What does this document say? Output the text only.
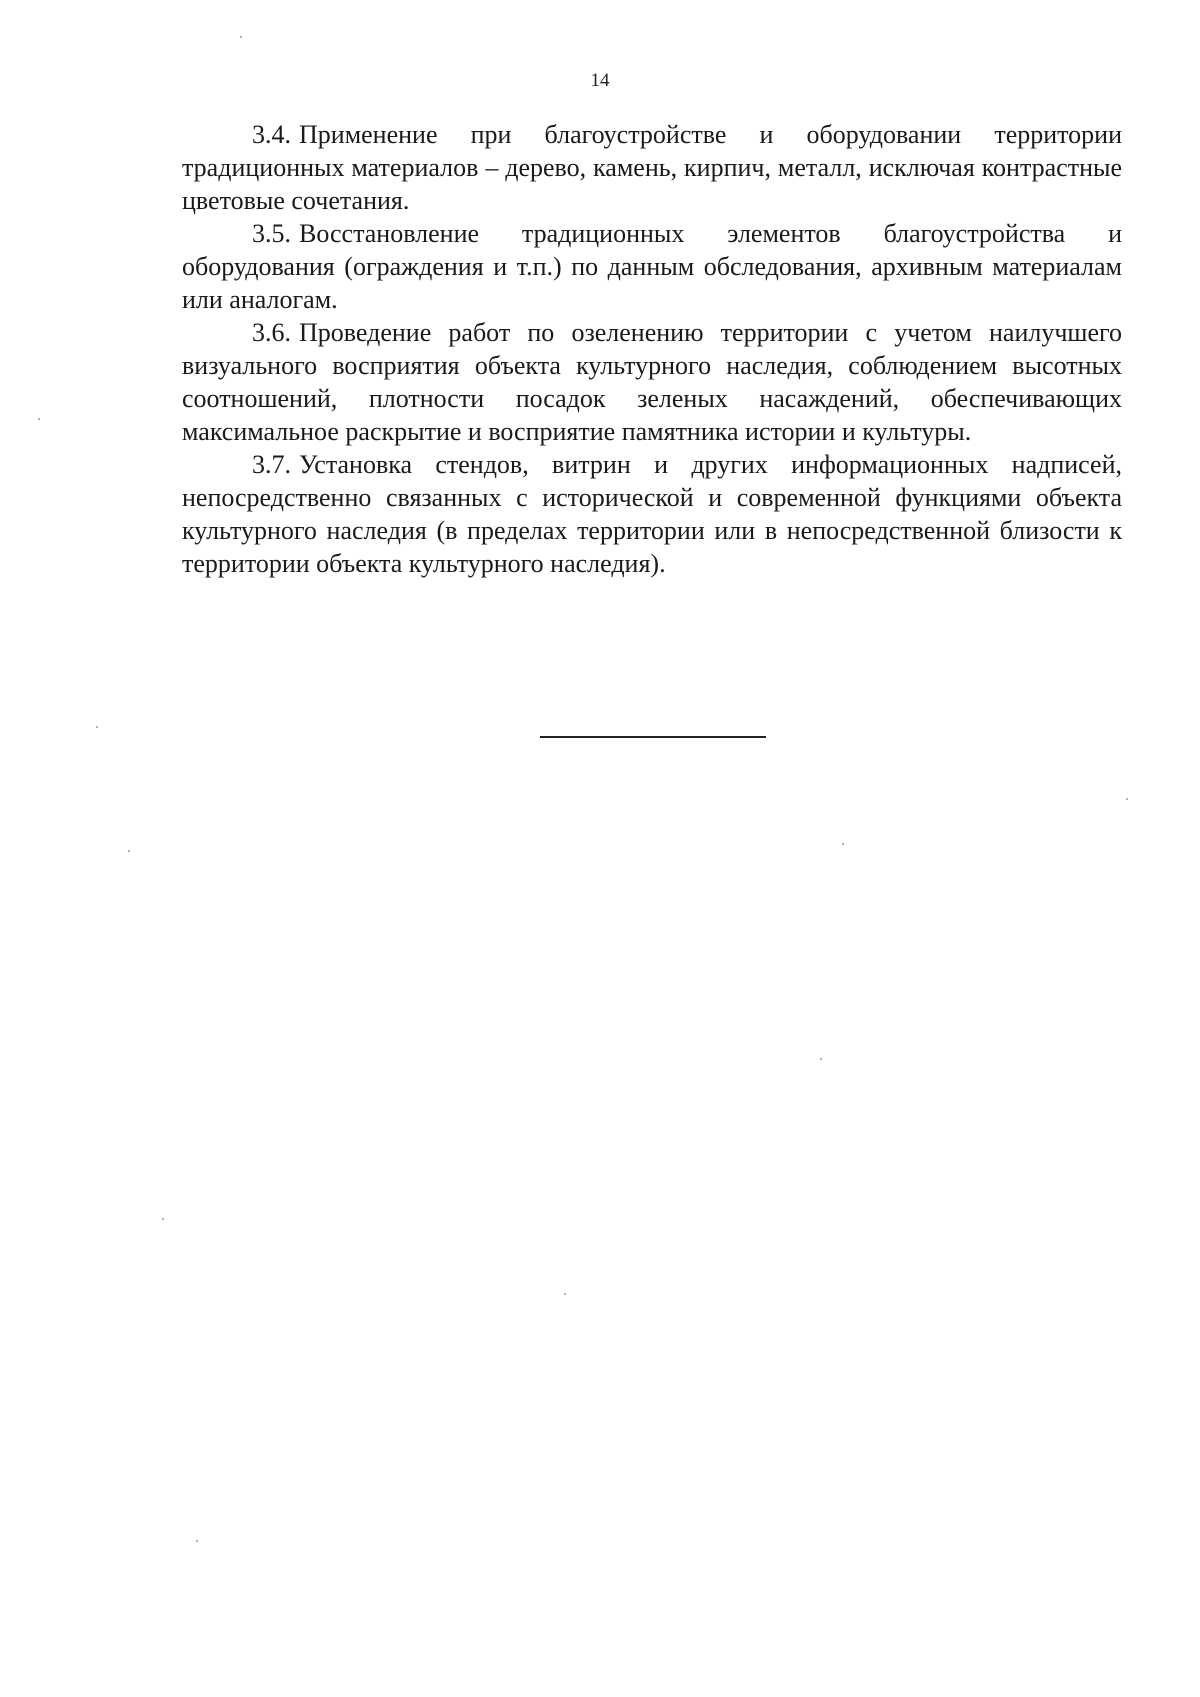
14

3.4. Применение при благоустройстве и оборудовании территории традиционных материалов – дерево, камень, кирпич, металл, исключая контрастные цветовые сочетания.

3.5. Восстановление традиционных элементов благоустройства и оборудования (ограждения и т.п.) по данным обследования, архивным материалам или аналогам.

3.6. Проведение работ по озеленению территории с учетом наилучшего визуального восприятия объекта культурного наследия, соблюдением высотных соотношений, плотности посадок зеленых насаждений, обеспечивающих максимальное раскрытие и восприятие памятника истории и культуры.

3.7. Установка стендов, витрин и других информационных надписей, непосредственно связанных с исторической и современной функциями объекта культурного наследия (в пределах территории или в непосредственной близости к территории объекта культурного наследия).
